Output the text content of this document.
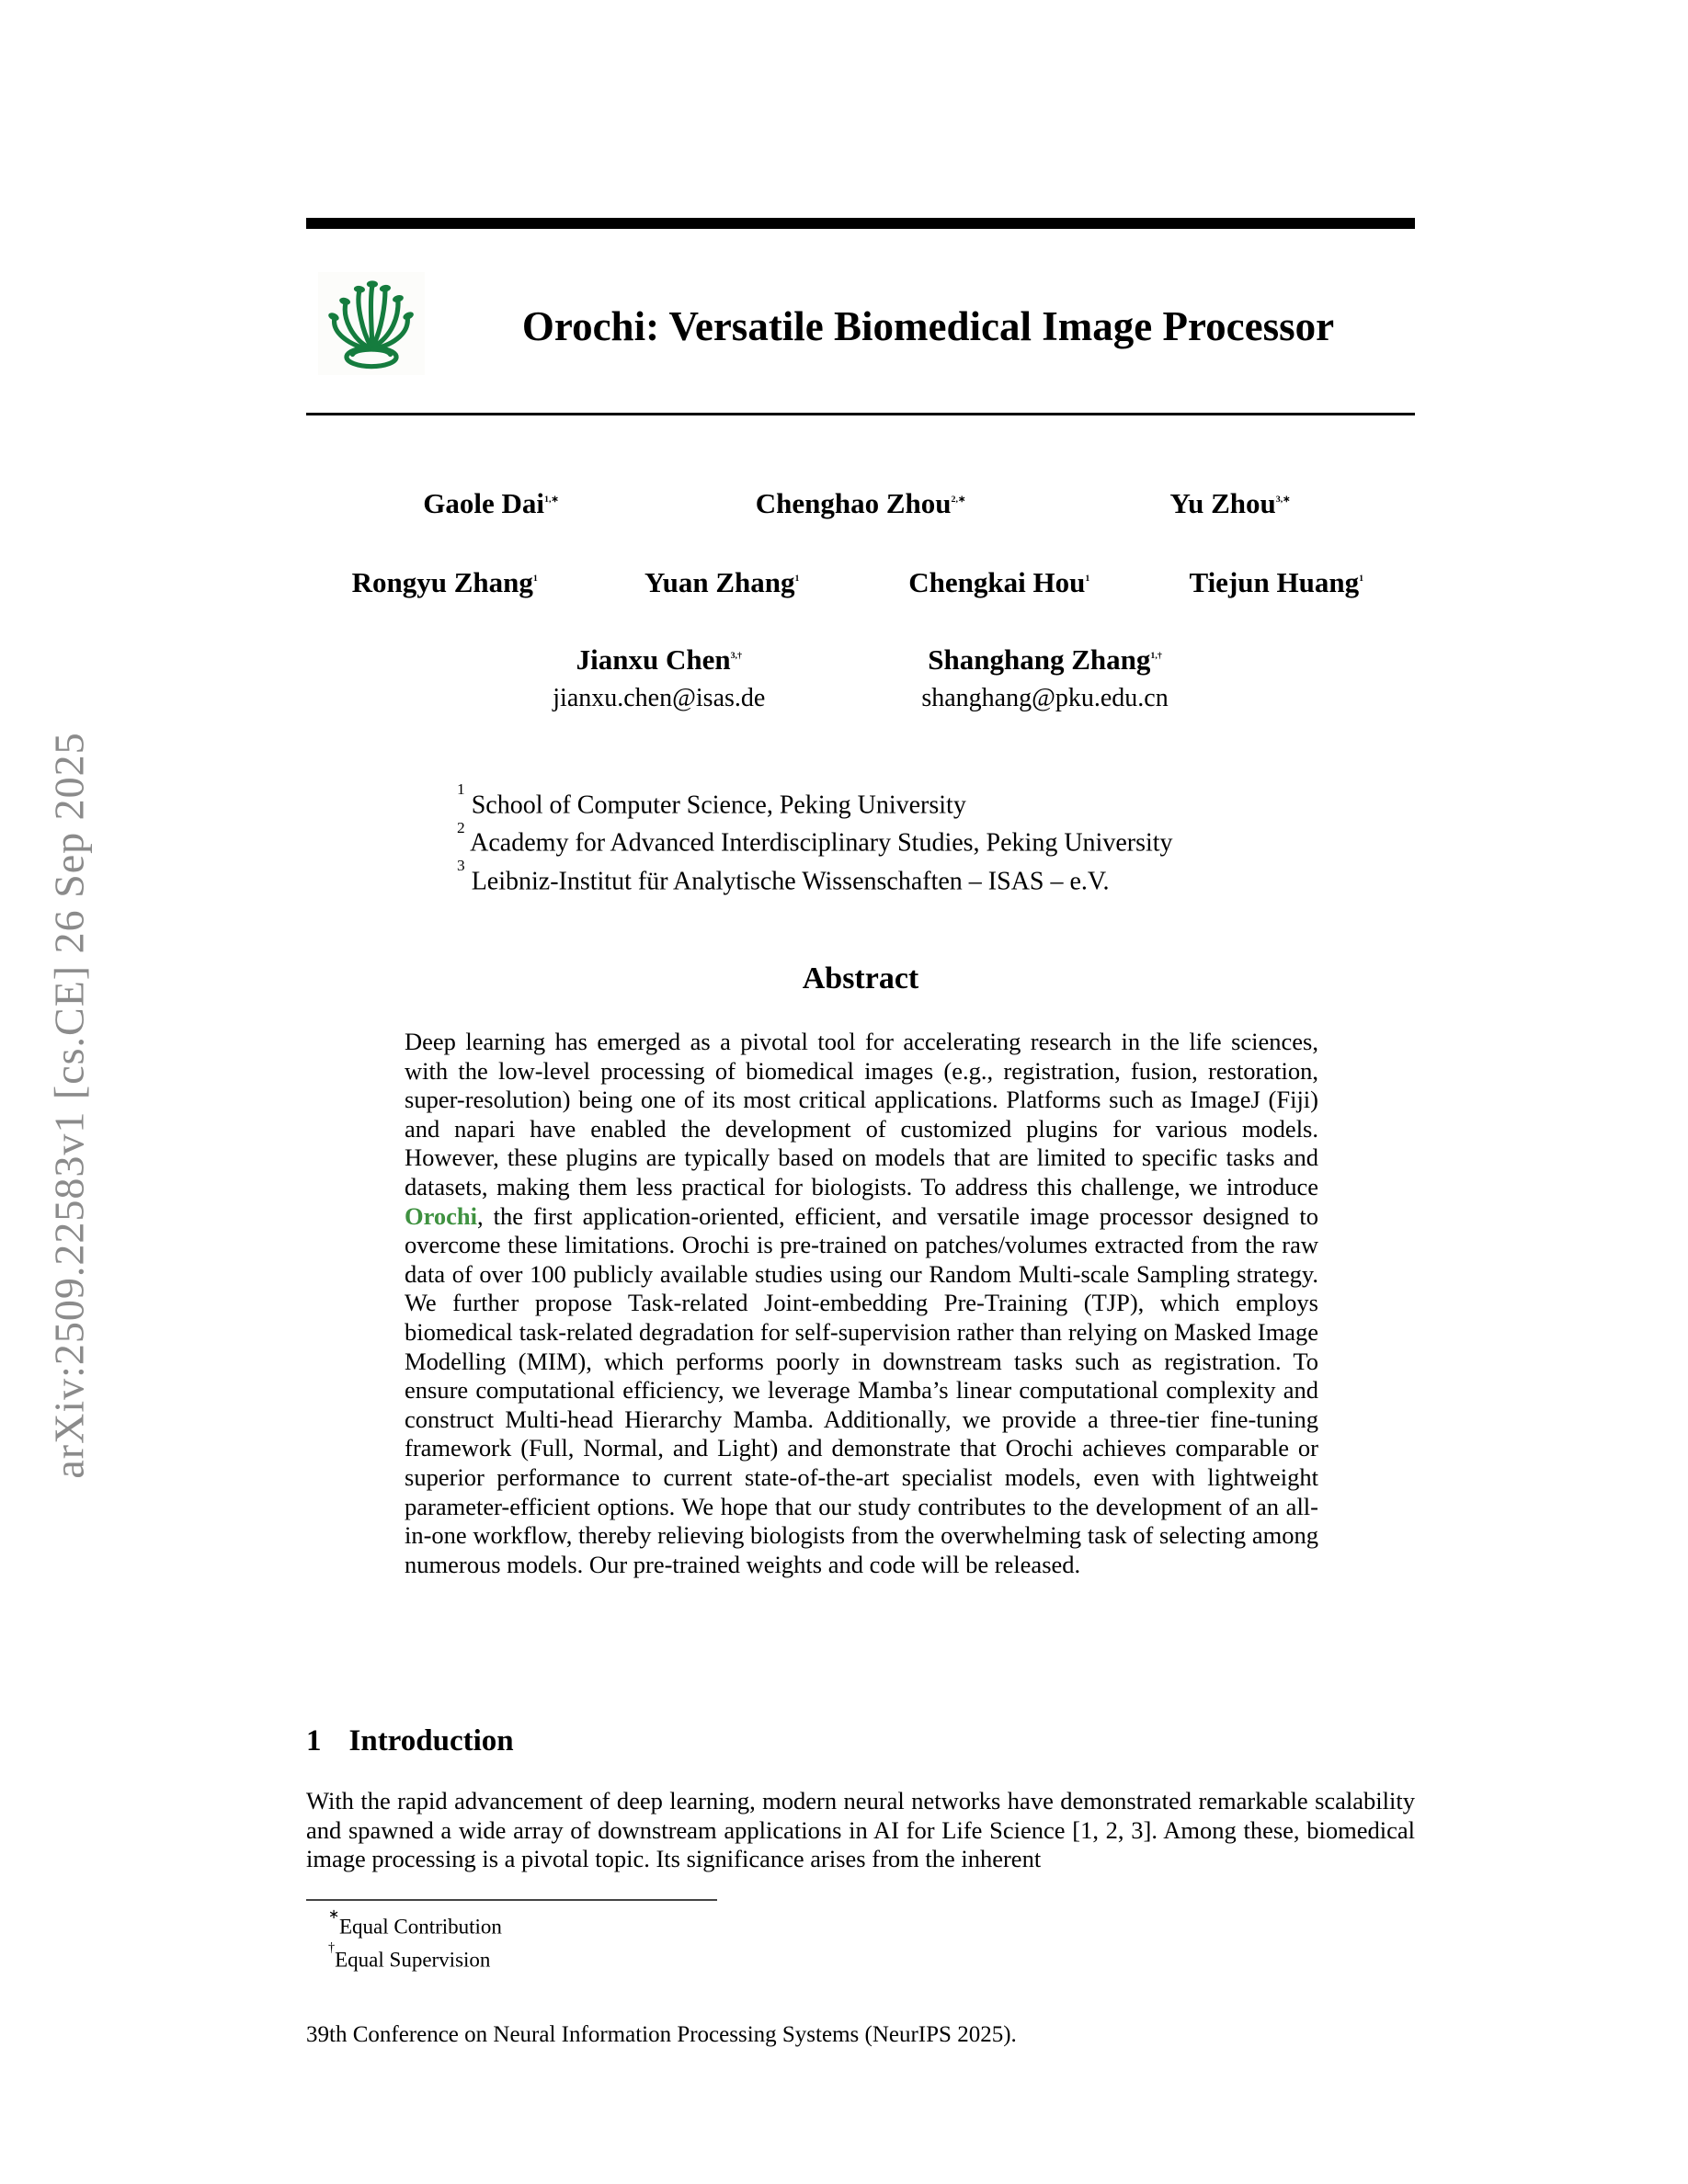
arXiv:2509.22583v1 [cs.CE] 26 Sep 2025
Orochi: Versatile Biomedical Image Processor
Gaole Dai$^{1,∗}$	Chenghao Zhou$^{2,∗}$	Yu Zhou$^{3,∗}$
Rongyu Zhang$^1$	Yuan Zhang$^1$	Chengkai Hou$^1$	Tiejun Huang$^1$
Jianxu Chen$^{3,\dagger}$
jianxu.chen@isas.de
Shanghang Zhang$^{1,\dagger}$
shanghang@pku.edu.cn
$^1$ School of Computer Science, Peking University
$^2$ Academy for Advanced Interdisciplinary Studies, Peking University
$^3$ Leibniz-Institut für Analytische Wissenschaften – ISAS – e.V.
Abstract
Deep learning has emerged as a pivotal tool for accelerating research in the life sciences, with the low-level processing of biomedical images (e.g., registration, fusion, restoration, super-resolution) being one of its most critical applications. Platforms such as ImageJ (Fiji) and napari have enabled the development of customized plugins for various models. However, these plugins are typically based on models that are limited to specific tasks and datasets, making them less practical for biologists. To address this challenge, we introduce Orochi, the first application-oriented, efficient, and versatile image processor designed to overcome these limitations. Orochi is pre-trained on patches/volumes extracted from the raw data of over 100 publicly available studies using our Random Multi-scale Sampling strategy. We further propose Task-related Joint-embedding Pre-Training (TJP), which employs biomedical task-related degradation for self-supervision rather than relying on Masked Image Modelling (MIM), which performs poorly in downstream tasks such as registration. To ensure computational efficiency, we leverage Mamba’s linear computational complexity and construct Multi-head Hierarchy Mamba. Additionally, we provide a three-tier fine-tuning framework (Full, Normal, and Light) and demonstrate that Orochi achieves comparable or superior performance to current state-of-the-art specialist models, even with lightweight parameter-efficient options. We hope that our study contributes to the development of an all-in-one workflow, thereby relieving biologists from the overwhelming task of selecting among numerous models. Our pre-trained weights and code will be released.
1 Introduction
With the rapid advancement of deep learning, modern neural networks have demonstrated remarkable scalability and spawned a wide array of downstream applications in AI for Life Science [1, 2, 3]. Among these, biomedical image processing is a pivotal topic. Its significance arises from the inherent
∗Equal Contribution
†Equal Supervision
39th Conference on Neural Information Processing Systems (NeurIPS 2025).
